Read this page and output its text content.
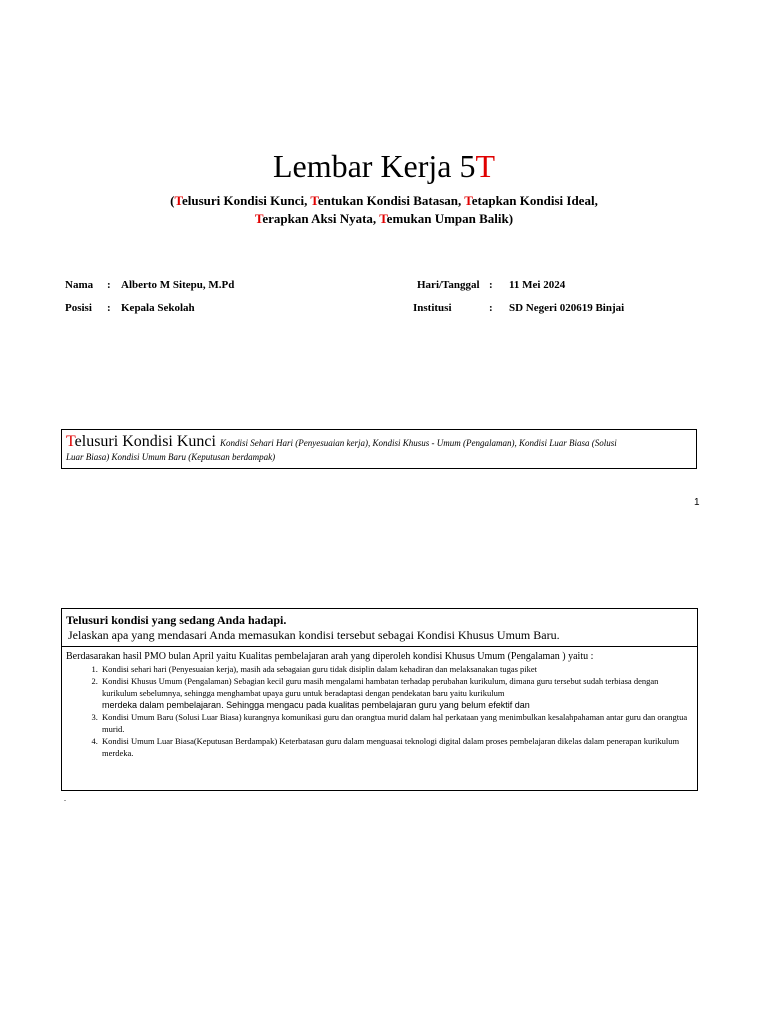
Lembar Kerja 5T
(Telusuri Kondisi Kunci, Tentukan Kondisi Batasan, Tetapkan Kondisi Ideal,
Terapkan Aksi Nyata, Temukan Umpan Balik)
Nama : Alberto M Sitepu, M.Pd
Posisi : Kepala Sekolah
Hari/Tanggal : 11 Mei 2024
Institusi	: SD Negeri 020619 Binjai
Telusuri Kondisi Kunci Kondisi Sehari Hari (Penyesuaian kerja), Kondisi Khusus - Umum (Pengalaman), Kondisi Luar Biasa (Solusi
Luar Biasa) Kondisi Umum Baru (Keputusan berdampak)
1
Telusuri kondisi yang sedang Anda hadapi.
Jelaskan apa yang mendasari Anda memasukan kondisi tersebut sebagai Kondisi Khusus Umum Baru.
Berdasarakan hasil PMO bulan April yaitu Kualitas pembelajaran arah yang diperoleh kondisi Khusus Umum (Pengalaman ) yaitu :
1. Kondisi sehari hari (Penyesuaian kerja), masih ada sebagaian guru tidak disiplin dalam kehadiran dan melaksanakan tugas piket
2. Kondisi Khusus Umum (Pengalaman) Sebagian kecil guru masih mengalami hambatan terhadap perubahan kurikulum, dimana guru tersebut sudah terbiasa dengan kurikulum sebelumnya, sehingga menghambat upaya guru untuk beradaptasi dengan pendekatan baru yaitu kurikulum
merdeka dalam pembelajaran. Sehingga mengacu pada kualitas pembelajaran guru yang belum efektif dan
3. Kondisi Umum Baru (Solusi Luar Biasa) kurangnya komunikasi guru dan orangtua murid dalam hal perkataan yang menimbulkan kesalahpahaman antar guru dan orangtua murid.
4. Kondisi Umum Luar Biasa(Keputusan Berdampak) Keterbatasan guru dalam menguasai teknologi digital dalam proses pembelajaran dikelas dalam penerapan kurikulum merdeka.
.
